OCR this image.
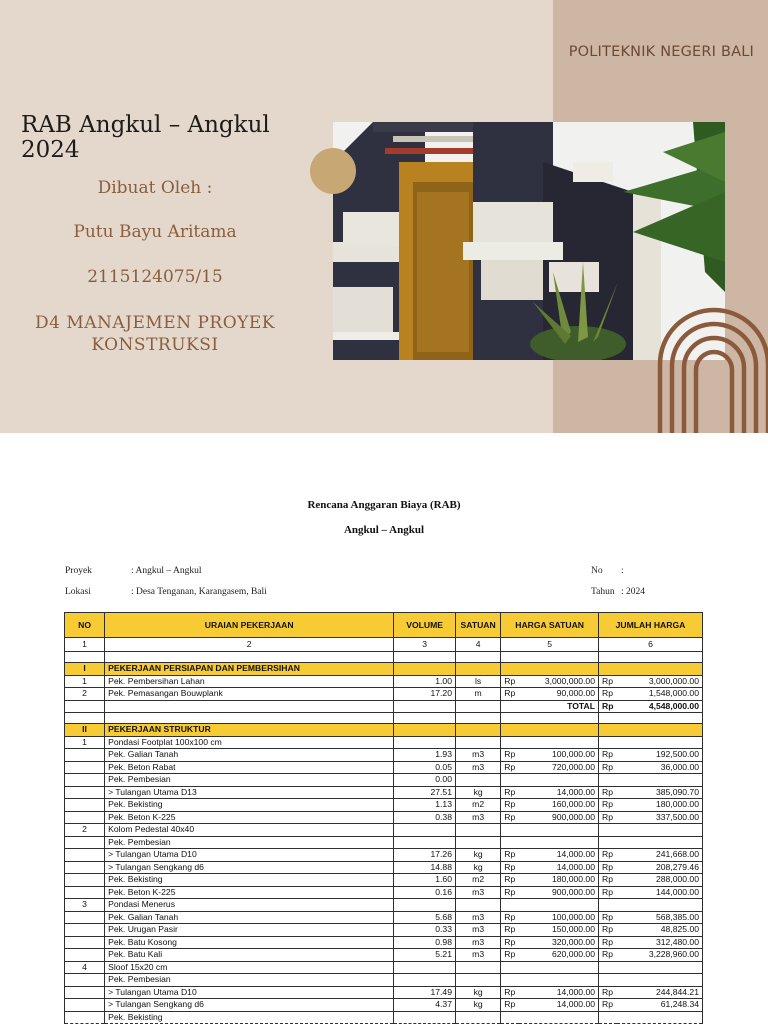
POLITEKNIK NEGERI BALI
RAB Angkul – Angkul 2024
Dibuat Oleh :
Putu Bayu Aritama
2115124075/15
D4 MANAJEMEN PROYEK KONSTRUKSI
Rencana Anggaran Biaya (RAB)
Angkul – Angkul
Proyek	: Angkul – Angkul
Lokasi	: Desa Tenganan, Karangasem, Bali
No :
Tahun : 2024
NO	URAIAN PEKERJAAN	VOLUME	SATUAN	HARGA SATUAN		JUMLAH HARGA	
1	2	3	4	5		6	

I	PEKERJAAN PERSIAPAN DAN PEMBERSIHAN						
1	Pek. Pembersihan Lahan	1.00	ls	Rp	3,000,000.00	Rp	3,000,000.00
2	Pek. Pemasangan Bouwplank	17.20	m	Rp	90,000.00	Rp	1,548,000.00
				TOTAL		Rp	4,548,000.00

II	PEKERJAAN STRUKTUR						
1	Pondasi Footplat 100x100 cm						
	Pek. Galian Tanah	1.93	m3	Rp	100,000.00	Rp	192,500.00
	Pek. Beton Rabat	0.05	m3	Rp	720,000.00	Rp	36,000.00
	Pek. Pembesian	0.00					
	> Tulangan Utama D13	27.51	kg	Rp	14,000.00	Rp	385,090.70
	Pek. Bekisting	1.13	m2	Rp	160,000.00	Rp	180,000.00
	Pek. Beton K-225	0.38	m3	Rp	900,000.00	Rp	337,500.00
2	Kolom Pedestal 40x40						
	Pek. Pembesian						
	> Tulangan Utama D10	17.26	kg	Rp	14,000.00	Rp	241,668.00
	> Tulangan Sengkang d6	14.88	kg	Rp	14,000.00	Rp	208,279.46
	Pek. Bekisting	1.60	m2	Rp	180,000.00	Rp	288,000.00
	Pek. Beton K-225	0.16	m3	Rp	900,000.00	Rp	144,000.00
3	Pondasi Menerus						
	Pek. Galian Tanah	5.68	m3	Rp	100,000.00	Rp	568,385.00
	Pek. Urugan Pasir	0.33	m3	Rp	150,000.00	Rp	48,825.00
	Pek. Batu Kosong	0.98	m3	Rp	320,000.00	Rp	312,480.00
	Pek. Batu Kali	5.21	m3	Rp	620,000.00	Rp	3,228,960.00
4	Sloof 15x20 cm						
	Pek. Pembesian						
	> Tulangan Utama D10	17.49	kg	Rp	14,000.00	Rp	244,844.21
	> Tulangan Sengkang d6	4.37	kg	Rp	14,000.00	Rp	61,248.34
	Pek. Bekisting						
